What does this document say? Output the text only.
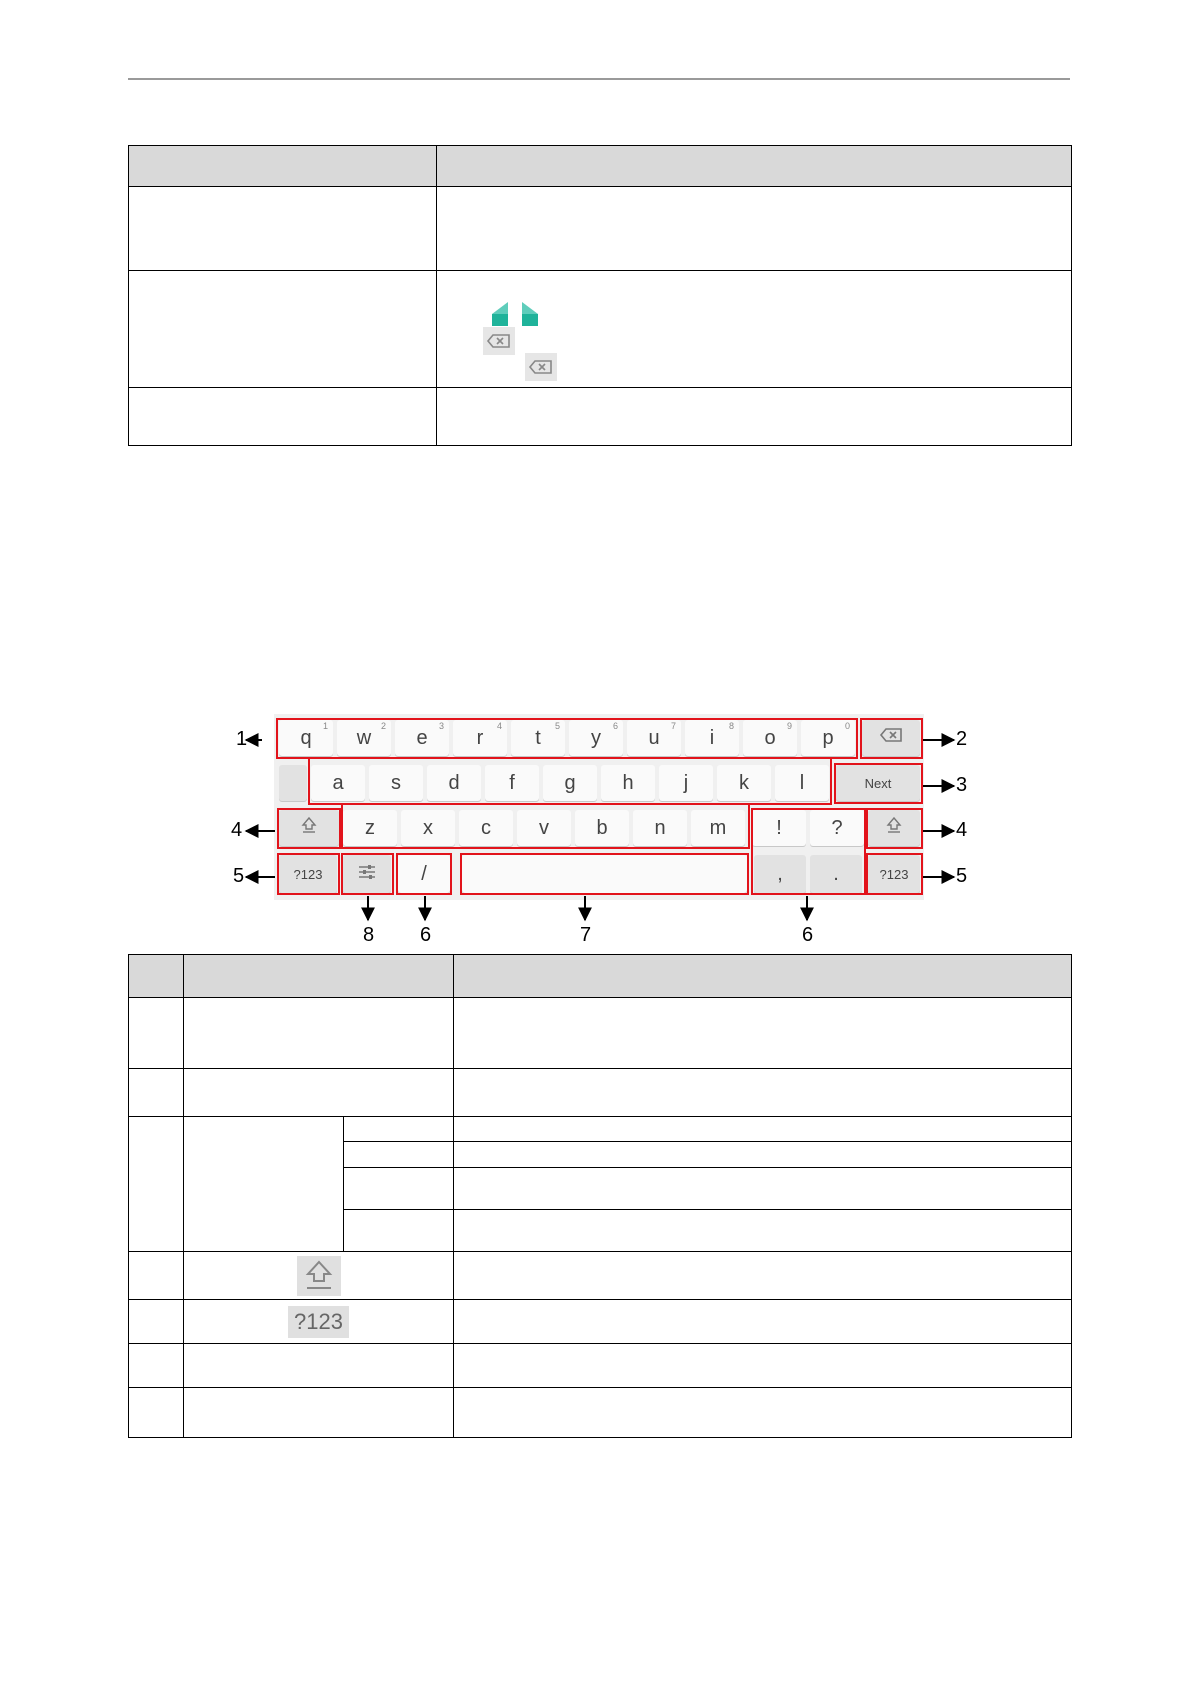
q
1
w
2
e
3
r
4
t
5
y
6
u
7
i
8
o
9
p
0
a s d f g h	j	k	l	Next
z x c v b n m ! ?
?123	/	,	.	?123
1	2
3
4	4
5	5
8 6	7	6

	?123		
